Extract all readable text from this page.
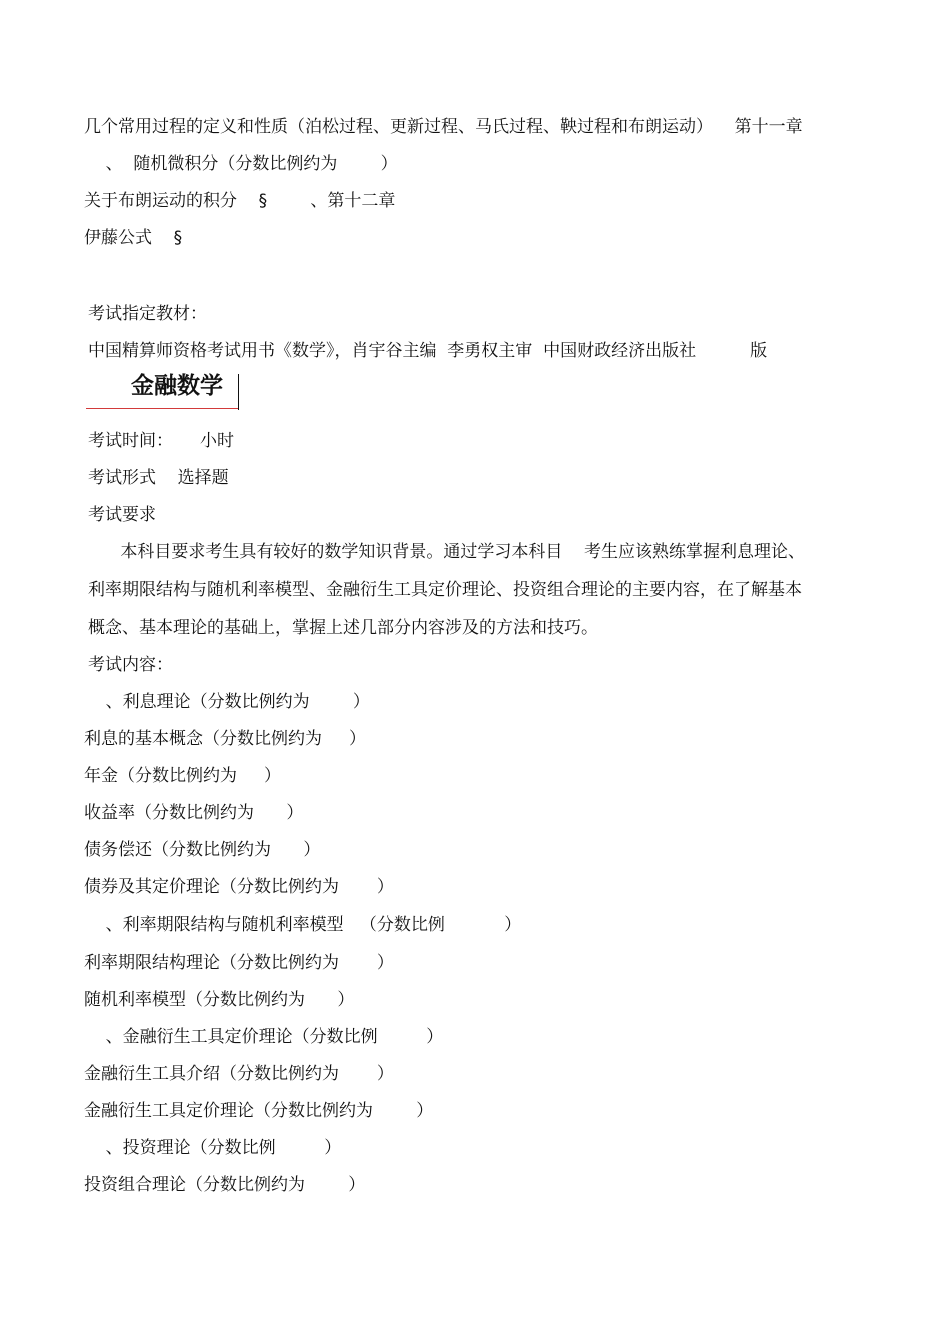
几个常用过程的定义和性质（泊松过程、更新过程、马氏过程、鞅过程和布朗运动）    第十一章
、  随机微积分（分数比例约为        ）
关于布朗运动的积分    §        、第十二章
伊藤公式    §
考试指定教材：
中国精算师资格考试用书《数学》，肖宇谷主编  李勇权主审  中国财政经济出版社          版
金融数学
考试时间：     小时
考试形式    选择题
考试要求
本科目要求考生具有较好的数学知识背景。通过学习本科目    考生应该熟练掌握利息理论、
利率期限结构与随机利率模型、金融衍生工具定价理论、投资组合理论的主要内容，在了解基本
概念、基本理论的基础上，掌握上述几部分内容涉及的方法和技巧。
考试内容：
、利息理论（分数比例约为        ）
利息的基本概念（分数比例约为     ）
年金（分数比例约为     ）
收益率（分数比例约为      ）
债务偿还（分数比例约为      ）
债券及其定价理论（分数比例约为       ）
、利率期限结构与随机利率模型   （分数比例           ）
利率期限结构理论（分数比例约为       ）
随机利率模型（分数比例约为      ）
、金融衍生工具定价理论（分数比例         ）
金融衍生工具介绍（分数比例约为       ）
金融衍生工具定价理论（分数比例约为        ）
、投资理论（分数比例         ）
投资组合理论（分数比例约为        ）
